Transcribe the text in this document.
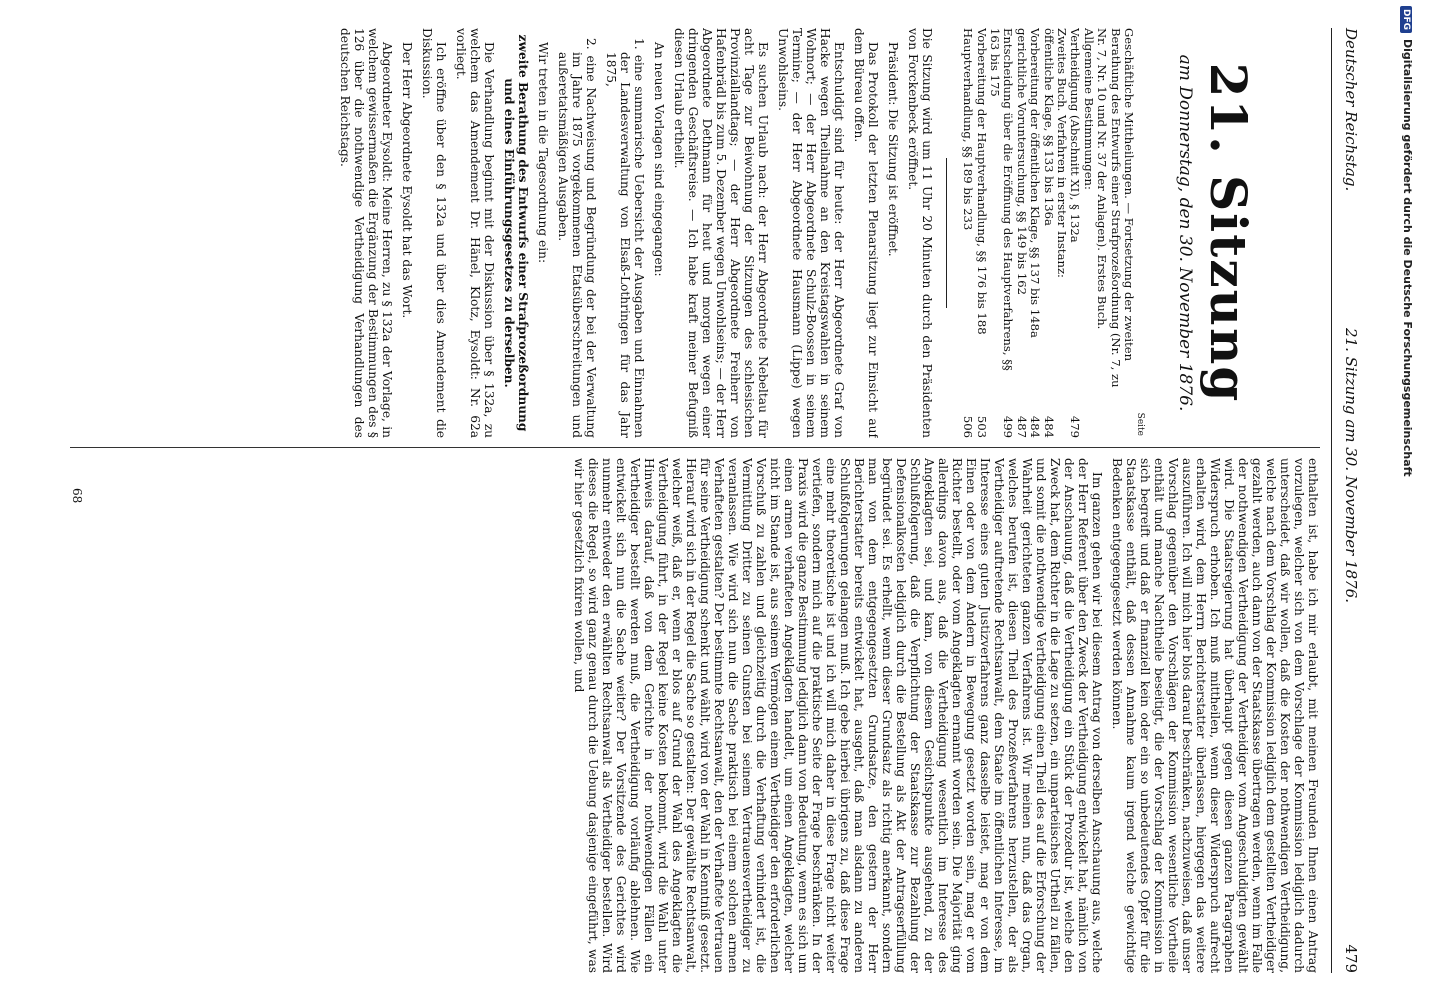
Deutscher Reichstag.
21. Sitzung am 30. November 1876.
479
21. Sitzung
am Donnerstag, den 30. November 1876.
Seite
Geschäftliche Mittheilungen. — Fortsetzung der zweiten Berathung des Entwurfs einer Strafprozeßordnung (Nr. 7, zu Nr. 7, Nr. 10 und Nr. 37 der Anlagen). Erstes Buch. Allgemeine Bestimmungen:
Vertheidigung (Abschnitt XI), § 132a
479
Zweites Buch. Verfahren in erster Instanz:
öffentliche Klage, §§ 133 bis 136a
484
Vorbereitung der öffentlichen Klage, §§ 137 bis 148a
484
gerichtliche Voruntersuchung, §§ 149 bis 162
487
Entscheidung über die Eröffnung des Hauptverfahrens, §§ 163 bis 175
499
Vorbereitung der Hauptverhandlung, §§ 176 bis 188
503
Hauptverhandlung, §§ 189 bis 233
506

Die Sitzung wird um 11 Uhr 20 Minuten durch den Präsidenten von Forckenbeck eröffnet.

Präsident: Die Sitzung ist eröffnet.

Das Protokoll der letzten Plenarsitzung liegt zur Einsicht auf dem Büreau offen.

Entschuldigt sind für heute: der Herr Abgeordnete Graf von Hacke wegen Theilnahme an den Kreistagswahlen in seinem Wohnort; — der Herr Abgeordnete Schulz-Boossen in seinem Termine; — der Herr Abgeordnete Hausmann (Lippe) wegen Unwohlseins.

Es suchen Urlaub nach: der Herr Abgeordnete Nebeltau für acht Tage zur Beiwohnung der Sitzungen des schlesischen Provinziallandtags; — der Herr Abgeordnete Freiherr von Hafenbrädl bis zum 5. Dezember wegen Unwohlseins; — der Herr Abgeordnete Dethmann für heut und morgen wegen einer dringenden Geschäftsreise. — Ich habe kraft meiner Befugniß diesen Urlaub ertheilt.

An neuen Vorlagen sind eingegangen:

1. eine summarische Uebersicht der Ausgaben und Einnahmen der Landesverwaltung von Elsaß-Lothringen für das Jahr 1875,

2. eine Nachweisung und Begründung der bei der Verwaltung im Jahre 1875 vorgekommenen Etatsüberschreitungen und außeretatsmäßigen Ausgaben.

Wir treten in die Tagesordnung ein:

zweite Berathung des Entwurfs einer Strafprozeßordnung und eines Einführungsgesetzes zu derselben.

Die Verhandlung beginnt mit der Diskussion über § 132a, zu welchem das Amendement Dr. Hänel, Klotz, Eysoldt: Nr. 62a vorliegt.

Ich eröffne über den § 132a und über dies Amendement die Diskussion.

Der Herr Abgeordnete Eysoldt hat das Wort.

Abgeordneter Eysoldt: Meine Herren, zu § 132a der Vorlage, in welchem gewissermaßen die Ergänzung der Bestimmungen des § 126 über die nothwendige Vertheidigung Verhandlungen des deutschen Reichstags.

enthalten ist, habe ich mir erlaubt, mit meinen Freunden Ihnen einen Antrag vorzulegen, welcher sich von dem Vorschlage der Kommission lediglich dadurch unterscheidet, daß wir wollen, daß die Kosten der nothwendigen Vertheidigung, welche nach dem Vorschlag der Kommission lediglich dem gestellten Vertheidiger gezahlt werden, auch dann von der Staatskasse übertragen werden, wenn im Falle der nothwendigen Vertheidigung der Vertheidiger vom Angeschuldigten gewählt wird. Die Staatsregierung hat überhaupt gegen diesen ganzen Paragraphen Widerspruch erhoben. Ich muß mittheilen, wenn dieser Widerspruch aufrecht erhalten wird, dem Herrn Berichterstatter überlassen, hiergegen das weitere auszuführen. Ich will mich hier blos darauf beschränken, nachzuweisen, daß unser Vorschlag gegenüber den Vorschlägen der Kommission wesentliche Vortheile enthält und manche Nachtheile beseitigt, die der Vorschlag der Kommission in sich begreift und daß er finanziell kein oder ein so unbedeutendes Opfer für die Staatskasse enthält, daß dessen Annahme kaum irgend welche gewichtige Bedenken entgegengesetzt werden können.

Im ganzen gehen wir bei diesem Antrag von derselben Anschauung aus, welche der Herr Referent über den Zweck der Vertheidigung entwickelt hat, nämlich von der Anschauung, daß die Vertheidigung ein Stück der Prozedur ist, welche den Zweck hat, dem Richter in die Lage zu setzen, ein unparteiisches Urtheil zu fällen, und somit die nothwendige Vertheidigung einen Theil des auf die Erforschung der Wahrheit gerichteten ganzen Verfahrens ist. Wir meinen nun, daß das Organ, welches berufen ist, diesen Theil des Prozeßverfahrens herzustellen, der als Vertheidiger auftretende Rechtsanwalt, dem Staate im öffentlichen Interesse, im Interesse eines guten Justizverfahrens ganz dasselbe leistet, mag er von dem Einen oder von dem Andern in Bewegung gesetzt worden sein, mag er vom Richter bestellt, oder vom Angeklagten ernannt worden sein. Die Majorität ging allerdings davon aus, daß die Vertheidigung wesentlich im Interesse des Angeklagten sei, und kam, von diesem Gesichtspunkte ausgehend, zu der Schlußfolgerung, daß die Verpflichtung der Staatskasse zur Bezahlung der Defensionalkosten lediglich durch die Bestellung als Akt der Antragserfüllung begründet sei. Es erhellt, wenn dieser Grundsatz als richtig anerkannt, sondern man von dem entgegengesetzten Grundsatze, den gestern der Herr Berichterstatter bereits entwickelt hat, ausgeht, daß man alsdann zu anderen Schlußfolgerungen gelangen muß. Ich gebe hierbei übrigens zu, daß diese Frage eine mehr theoretische ist und ich will mich daher in diese Frage nicht weiter vertiefen, sondern mich auf die praktische Seite der Frage beschränken. In der Praxis wird die ganze Bestimmung lediglich dann von Bedeutung, wenn es sich um einen armen verhafteten Angeklagten handelt, um einen Angeklagten, welcher nicht im Stande ist, aus seinem Vermögen einem Vertheidiger den erforderlichen Vorschuß zu zahlen und gleichzeitig durch die Verhaftung verhindert ist, die Vermittlung Dritter zu seinen Gunsten bei seinem Vertrauensvertheidiger zu veranlassen. Wie wird sich nun die Sache praktisch bei einem solchen armen Verhafteten gestalten? Der bestimmte Rechtsanwalt, den der Verhaftete Vertrauen für seine Vertheidigung schenkt und wählt, wird von der Wahl in Kenntniß gesetzt. Hierauf wird sich in der Regel die Sache so gestalten: Der gewählte Rechtsanwalt, welcher weiß, daß er, wenn er blos auf Grund der Wahl des Angeklagten die Vertheidigung führt, in der Regel keine Kosten bekommt, wird die Wahl unter Hinweis darauf, daß von dem Gerichte in der nothwendigen Fällen ein Vertheidiger bestellt werden muß, die Vertheidigung vorläufig ablehnen. Wie entwickelt sich nun die Sache weiter? Der Vorsitzende des Gerichtes wird nunmehr entweder den erwählten Rechtsanwalt als Vertheidiger bestellen. Wird dieses die Regel, so wird ganz genau durch die Uebung dasjenige eingeführt, was wir hier gesetzlich fixiren wollen, und

68
DFGDigitalisierung gefördert durch die Deutsche Forschungsgemeinschaft
